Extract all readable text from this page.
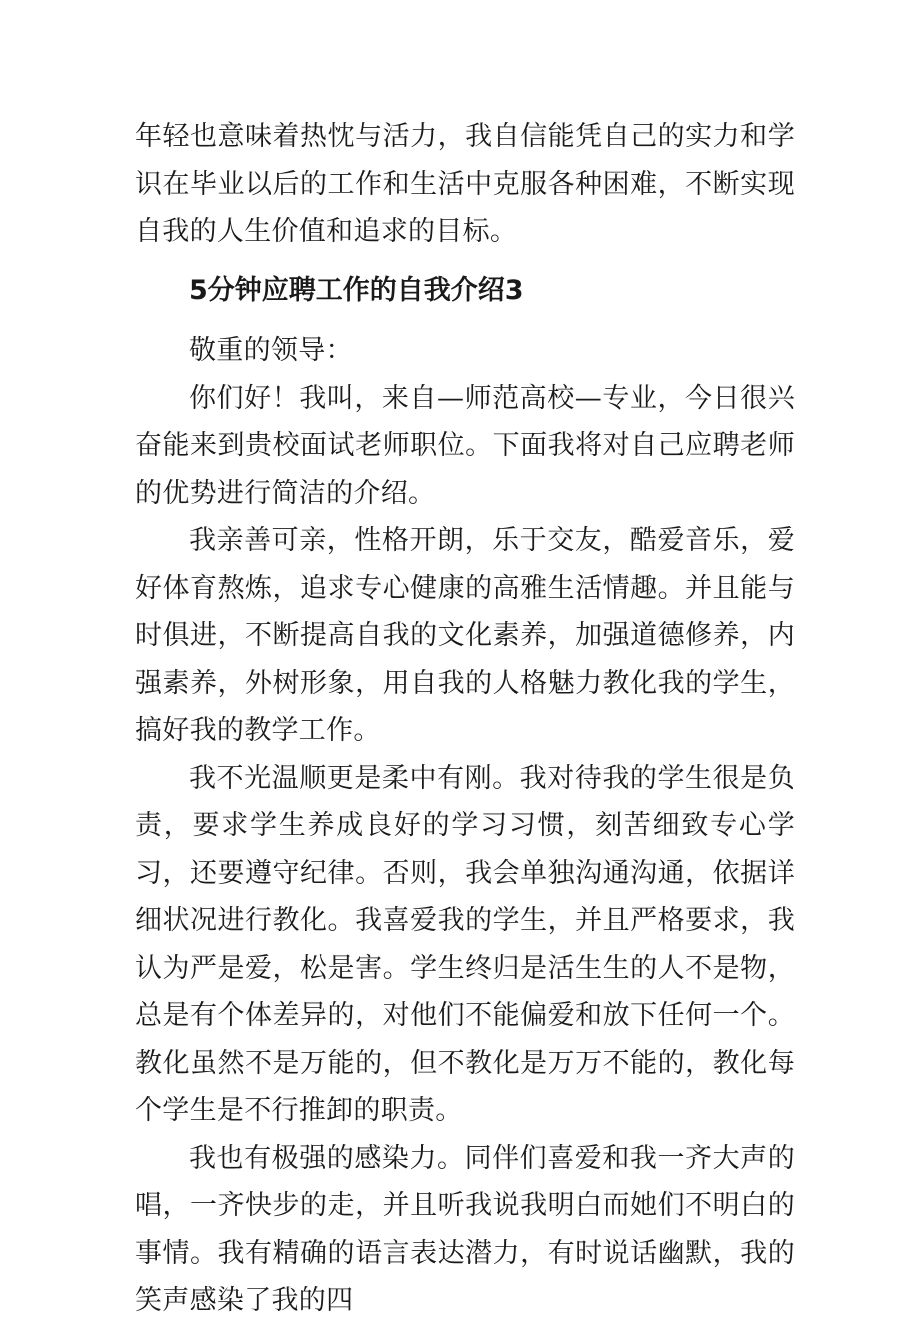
年轻也意味着热忱与活力，我自信能凭自己的实力和学识在毕业以后的工作和生活中克服各种困难，不断实现自我的人生价值和追求的目标。

5分钟应聘工作的自我介绍3

敬重的领导：

你们好！我叫，来自—师范高校—专业，今日很兴奋能来到贵校面试老师职位。下面我将对自己应聘老师的优势进行简洁的介绍。

我亲善可亲，性格开朗，乐于交友，酷爱音乐，爱好体育熬炼，追求专心健康的高雅生活情趣。并且能与时俱进，不断提高自我的文化素养，加强道德修养，内强素养，外树形象，用自我的人格魅力教化我的学生，搞好我的教学工作。

我不光温顺更是柔中有刚。我对待我的学生很是负责，要求学生养成良好的学习习惯，刻苦细致专心学习，还要遵守纪律。否则，我会单独沟通沟通，依据详细状况进行教化。我喜爱我的学生，并且严格要求，我认为严是爱，松是害。学生终归是活生生的人不是物，总是有个体差异的，对他们不能偏爱和放下任何一个。教化虽然不是万能的，但不教化是万万不能的，教化每个学生是不行推卸的职责。

我也有极强的感染力。同伴们喜爱和我一齐大声的唱，一齐快步的走，并且听我说我明白而她们不明白的事情。我有精确的语言表达潜力，有时说话幽默，我的笑声感染了我的四
